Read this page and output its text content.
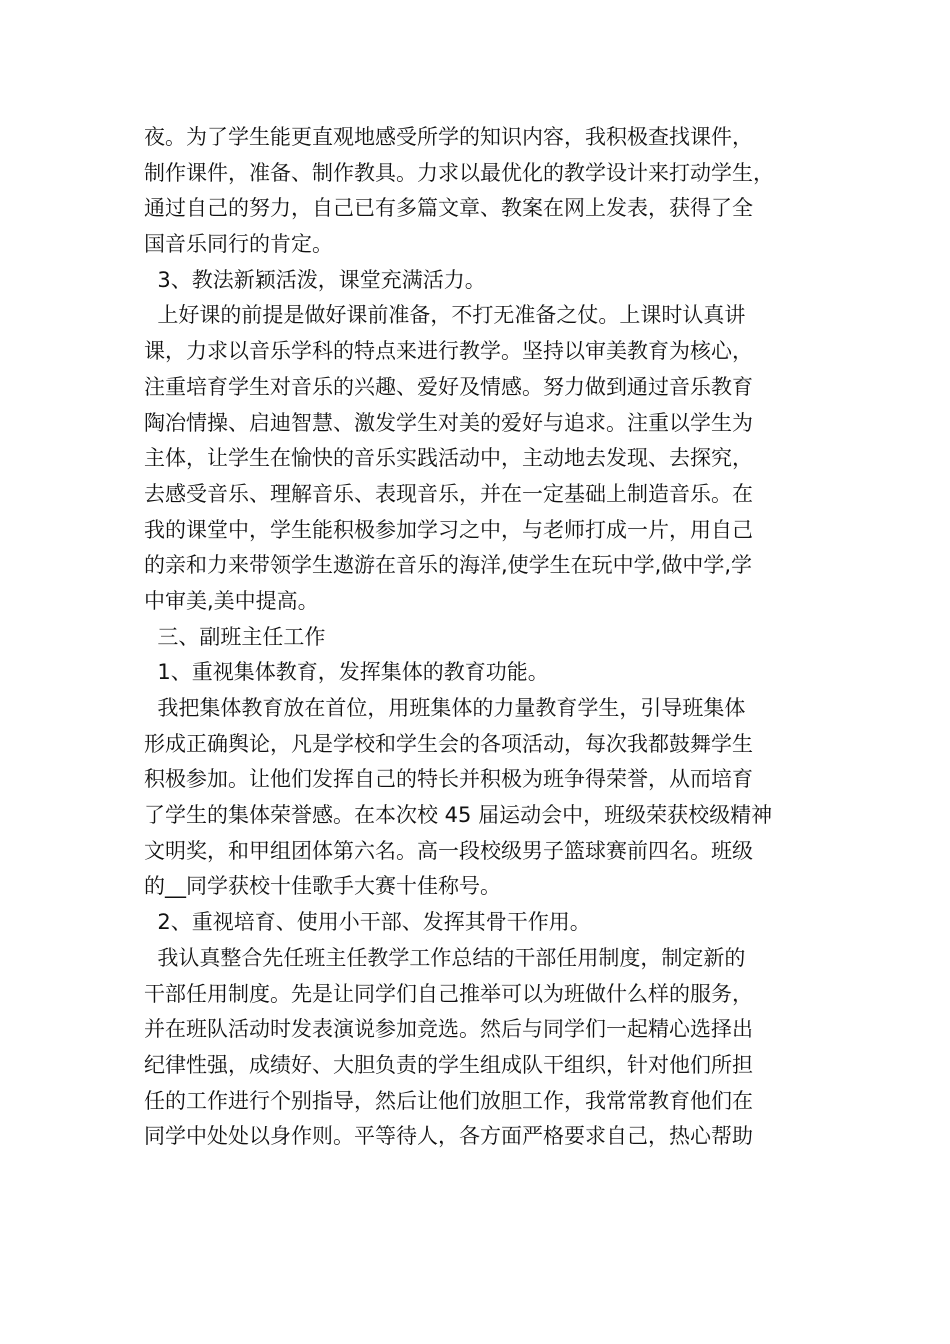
夜。为了学生能更直观地感受所学的知识内容，我积极查找课件，
制作课件，准备、制作教具。力求以最优化的教学设计来打动学生，
通过自己的努力，自己已有多篇文章、教案在网上发表，获得了全
国音乐同行的肯定。
3、教法新颖活泼，课堂充满活力。
上好课的前提是做好课前准备，不打无准备之仗。上课时认真讲
课，力求以音乐学科的特点来进行教学。坚持以审美教育为核心，
注重培育学生对音乐的兴趣、爱好及情感。努力做到通过音乐教育
陶冶情操、启迪智慧、激发学生对美的爱好与追求。注重以学生为
主体，让学生在愉快的音乐实践活动中，主动地去发现、去探究，
去感受音乐、理解音乐、表现音乐，并在一定基础上制造音乐。在
我的课堂中，学生能积极参加学习之中，与老师打成一片，用自己
的亲和力来带领学生遨游在音乐的海洋,使学生在玩中学,做中学,学
中审美,美中提高。
三、副班主任工作
1、重视集体教育，发挥集体的教育功能。
我把集体教育放在首位，用班集体的力量教育学生，引导班集体
形成正确舆论，凡是学校和学生会的各项活动，每次我都鼓舞学生
积极参加。让他们发挥自己的特长并积极为班争得荣誉，从而培育
了学生的集体荣誉感。在本次校 45 届运动会中，班级荣获校级精神
文明奖，和甲组团体第六名。高一段校级男子篮球赛前四名。班级
的__同学获校十佳歌手大赛十佳称号。
2、重视培育、使用小干部、发挥其骨干作用。
我认真整合先任班主任教学工作总结的干部任用制度，制定新的
干部任用制度。先是让同学们自己推举可以为班做什么样的服务，
并在班队活动时发表演说参加竞选。然后与同学们一起精心选择出
纪律性强，成绩好、大胆负责的学生组成队干组织，针对他们所担
任的工作进行个别指导，然后让他们放胆工作，我常常教育他们在
同学中处处以身作则。平等待人，各方面严格要求自己，热心帮助
